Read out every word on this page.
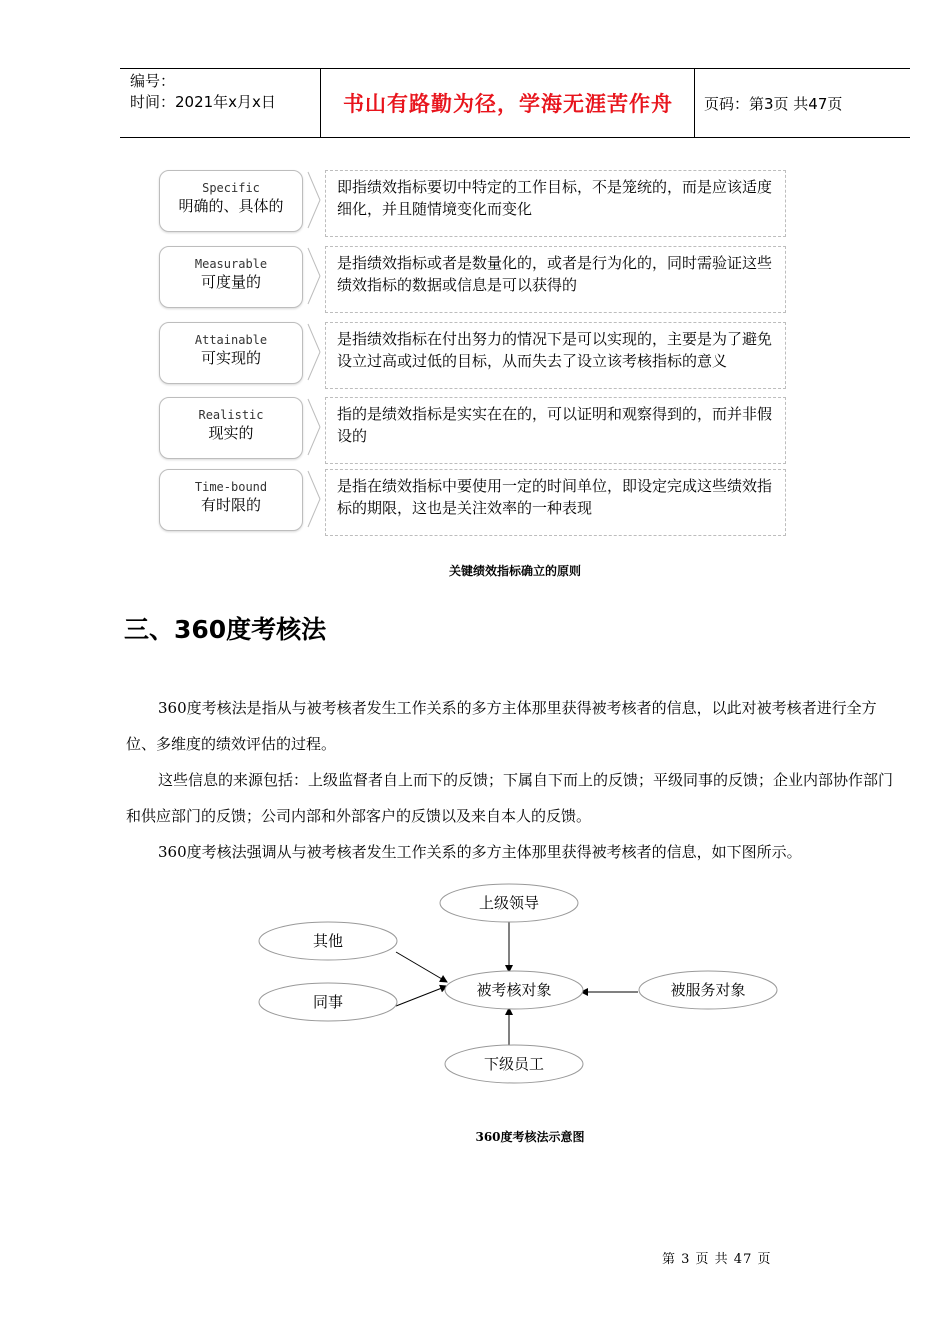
编号：
时间：2021年x月x日	书山有路勤为径，学海无涯苦作舟	页码：第3页 共47页
Specific
明确的、具体的
即指绩效指标要切中特定的工作目标，不是笼统的，而是应该适度细化，并且随情境变化而变化
Measurable
可度量的
是指绩效指标或者是数量化的，或者是行为化的，同时需验证这些绩效指标的数据或信息是可以获得的
Attainable
可实现的
是指绩效指标在付出努力的情况下是可以实现的，主要是为了避免设立过高或过低的目标，从而失去了设立该考核指标的意义
Realistic
现实的
指的是绩效指标是实实在在的，可以证明和观察得到的，而并非假设的
Time-bound
有时限的
是指在绩效指标中要使用一定的时间单位，即设定完成这些绩效指标的期限，这也是关注效率的一种表现
关键绩效指标确立的原则
三、360度考核法
360度考核法是指从与被考核者发生工作关系的多方主体那里获得被考核者的信息，以此对被考核者进行全方位、多维度的绩效评估的过程。
这些信息的来源包括：上级监督者自上而下的反馈；下属自下而上的反馈；平级同事的反馈；企业内部协作部门和供应部门的反馈；公司内部和外部客户的反馈以及来自本人的反馈。
360度考核法强调从与被考核者发生工作关系的多方主体那里获得被考核者的信息，如下图所示。
上级领导
其他
被考核对象	被服务对象
同事
下级员工
360度考核法示意图
第 3 页 共 47 页
